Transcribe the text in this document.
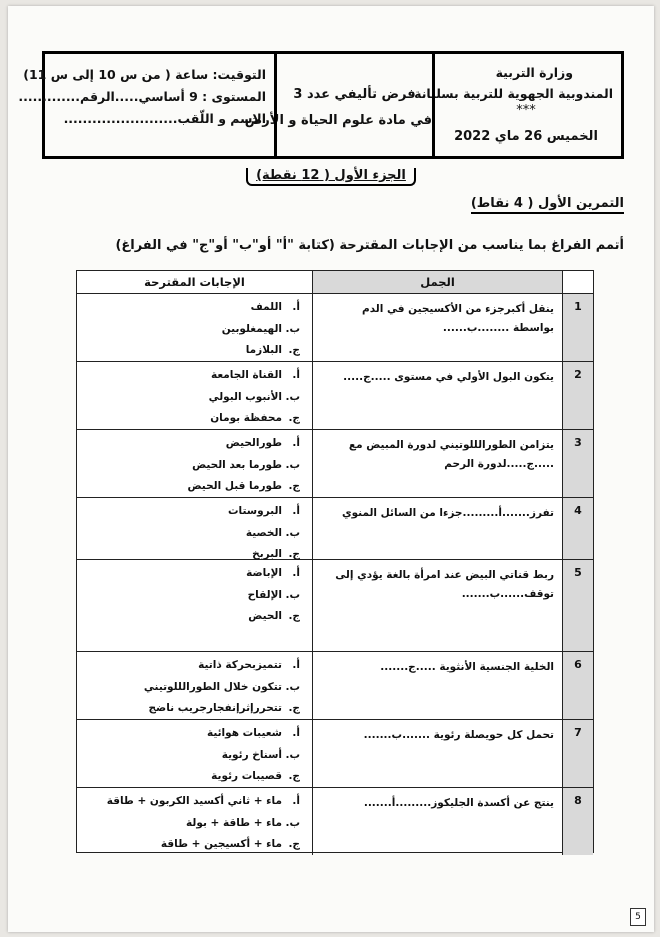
وزارة التربية
المندوبية الجهوية للتربية بسليانة
***
الخميس 26 ماي 2022
فرض تأليفي عدد 3
في مادة علوم الحياة و الأرض
التوقيت: ساعة ( من س 10 إلى س 11)
المستوى : 9 أساسي.....الرقم.............
الاسم و اللّقب........................
الجزء الأول ( 12 نقطة)
التمرين الأول ( 4 نقاط)
أتمم الفراغ بما يناسب من الإجابات المقترحة (كتابة "أ" أو"ب" أو"ج" في الفراغ)
الجمل
الإجابات المقترحة
1
ينقل أكبرجزء من الأكسيجين في الدم بواسطة ........ب......
أ.
اللمف
ب.
الهيمغلوبين
ج.
البلازما
2
يتكون البول الأولي في مستوى .....ج.....
أ.
القناة الجامعة
ب.
الأنبوب البولي
ج.
محفظة بومان
3
يتزامن الطورالللوتيني لدورة المبيض مع .....ج.....لدورة الرحم
أ.
طورالحيض
ب.
طورما بعد الحيض
ج.
طورما قبل الحيض
4
تفرز.......أ.........جزءا من السائل المنوي
أ.
البروستات
ب.
الخصية
ج.
البربخ
5
ربط قناتي البيض عند امرأة بالغة يؤدي إلى توقف......ب.......
أ.
الإباضة
ب.
الإلقاح
ج.
الحيض
6
الخلية الجنسية الأنثوية .....ج.......
أ.
تتميزبحركة ذاتية
ب.
تتكون خلال الطورالللوتيني
ج.
تتحررإثرإنفجارجريب ناضج
7
تحمل كل حويصلة رئوية .......ب.......
أ.
شعيبات هوائية
ب.
أسناخ رئوية
ج.
قصيبات رئوية
8
ينتج عن أكسدة الجليكوز.........أ.......
أ.
ماء + ثاني أكسيد الكربون + طاقة
ب.
ماء + طاقة + بولة
ج.
ماء + أكسيجين + طاقة
5
